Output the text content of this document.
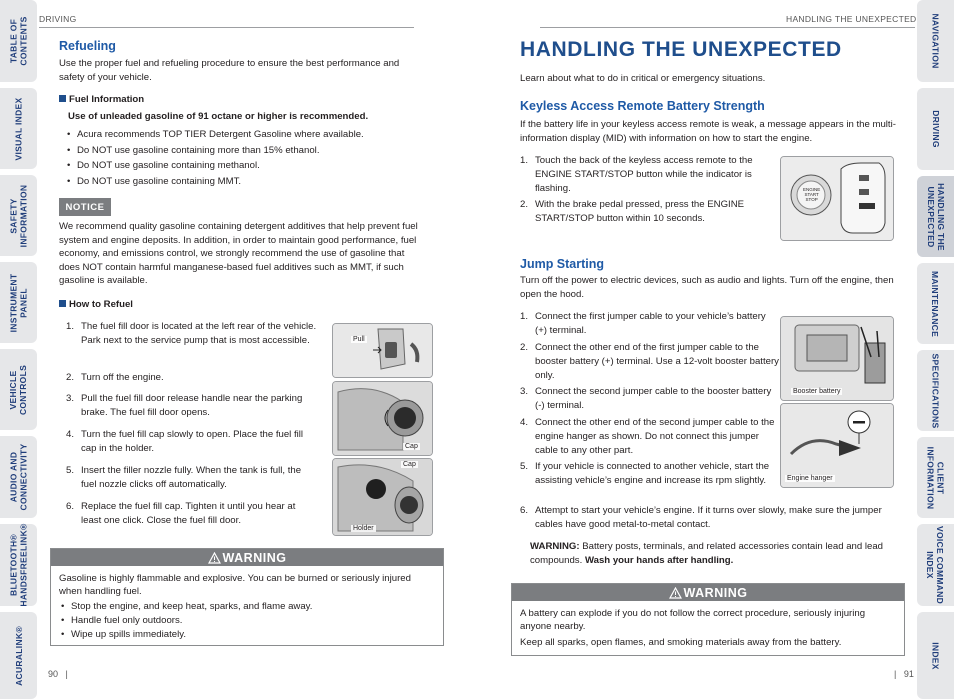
TABLE OF
CONTENTS
VISUAL INDEX
SAFETY
INFORMATION
INSTRUMENT
PANEL
VEHICLE
CONTROLS
AUDIO AND
CONNECTIVITY
BLUETOOTH®
HANDSFREELINK®
ACURALINK®
NAVIGATION
DRIVING
HANDLING THE
UNEXPECTED
MAINTENANCE
SPECIFICATIONS
CLIENT
INFORMATION
VOICE COMMAND
INDEX
INDEX
DRIVING
Refueling
Use the proper fuel and refueling procedure to ensure the best performance and safety of your vehicle.
Fuel Information
Use of unleaded gasoline of 91 octane or higher is recommended.
• Acura recommends TOP TIER Detergent Gasoline where available.
• Do NOT use gasoline containing more than 15% ethanol.
• Do NOT use gasoline containing methanol.
• Do NOT use gasoline containing MMT.
NOTICE
We recommend quality gasoline containing detergent additives that help prevent fuel system and engine deposits. In addition, in order to maintain good performance, fuel economy, and emissions control, we strongly recommend the use of gasoline that does NOT contain harmful manganese-based fuel additives such as MMT, if such gasoline is available.
How to Refuel
1. The fuel fill door is located at the left rear of the vehicle. Park next to the service pump that is most accessible.
2. Turn off the engine.
3. Pull the fuel fill door release handle near the parking brake. The fuel fill door opens.
4. Turn the fuel fill cap slowly to open. Place the fuel fill cap in the holder.
5. Insert the filler nozzle fully. When the tank is full, the fuel nozzle clicks off automatically.
6. Replace the fuel fill cap. Tighten it until you hear at least one click. Close the fuel fill door.
Pull
Cap
Cap
Holder
WARNING
Gasoline is highly flammable and explosive. You can be burned or seriously injured when handling fuel.
• Stop the engine, and keep heat, sparks, and flame away.
• Handle fuel only outdoors.
• Wipe up spills immediately.
90   |
HANDLING THE UNEXPECTED
HANDLING THE UNEXPECTED
Learn about what to do in critical or emergency situations.
Keyless Access Remote Battery Strength
If the battery life in your keyless access remote is weak, a message appears in the multi-information display (MID) with information on how to start the engine.
1. Touch the back of the keyless access remote to the ENGINE START/STOP button while the indicator is flashing.
2. With the brake pedal pressed, press the ENGINE START/STOP button within 10 seconds.
ENGINE
START
STOP
Jump Starting
Turn off the power to electric devices, such as audio and lights. Turn off the engine, then open the hood.
1. Connect the first jumper cable to your vehicle’s battery (+) terminal.
2. Connect the other end of the first jumper cable to the booster battery (+) terminal. Use a 12-volt booster battery only.
3. Connect the second jumper cable to the booster battery (-) terminal.
4. Connect the other end of the second jumper cable to the engine hanger as shown. Do not connect this jumper cable to any other part.
5. If your vehicle is connected to another vehicle, start the assisting vehicle’s engine and increase its rpm slightly.
6. Attempt to start your vehicle’s engine. If it turns over slowly, make sure the jumper cables have good metal-to-metal contact.
Booster battery
Engine hanger
WARNING: Battery posts, terminals, and related accessories contain lead and lead compounds. Wash your hands after handling.
WARNING
A battery can explode if you do not follow the correct procedure, seriously injuring anyone nearby.
Keep all sparks, open flames, and smoking materials away from the battery.
|   91
